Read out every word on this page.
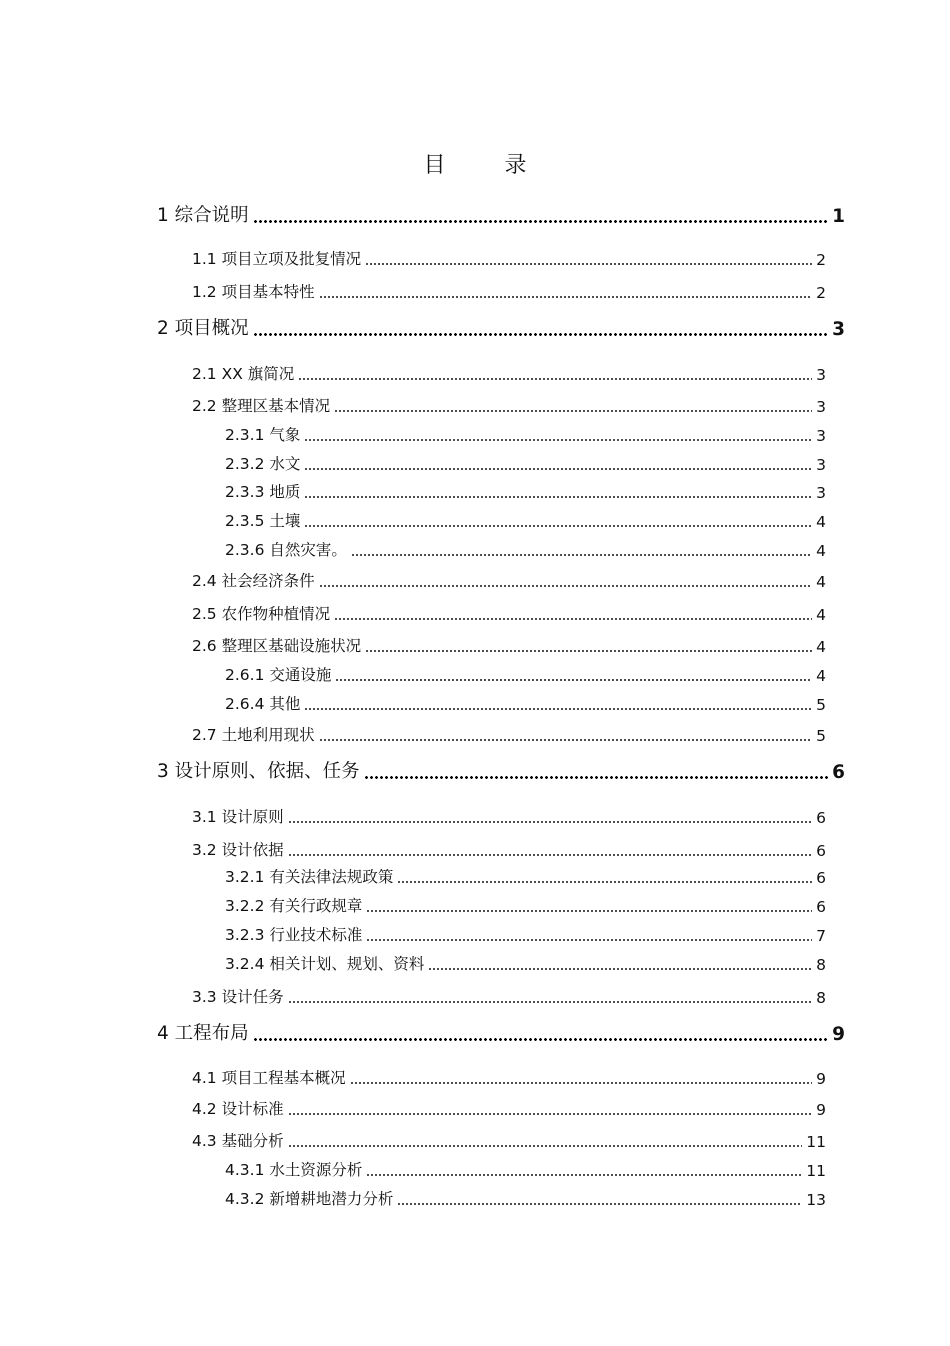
目 录
1 综合说明	1
1.1 项目立项及批复情况	2
1.2 项目基本特性	2
2 项目概况	3
2.1 XX 旗简况	3
2.2 整理区基本情况	3
2.3.1 气象	3
2.3.2 水文	3
2.3.3 地质	3
2.3.5 土壤	4
2.3.6 自然灾害。	4
2.4 社会经济条件	4
2.5 农作物种植情况	4
2.6 整理区基础设施状况	4
2.6.1 交通设施	4
2.6.4 其他	5
2.7 土地利用现状	5
3 设计原则、依据、任务	6
3.1 设计原则	6
3.2 设计依据	6
3.2.1 有关法律法规政策	6
3.2.2 有关行政规章	6
3.2.3 行业技术标准	7
3.2.4 相关计划、规划、资料	8
3.3 设计任务	8
4 工程布局	9
4.1 项目工程基本概况	9
4.2 设计标准	9
4.3 基础分析	11
4.3.1 水土资源分析	11
4.3.2 新增耕地潜力分析	13
